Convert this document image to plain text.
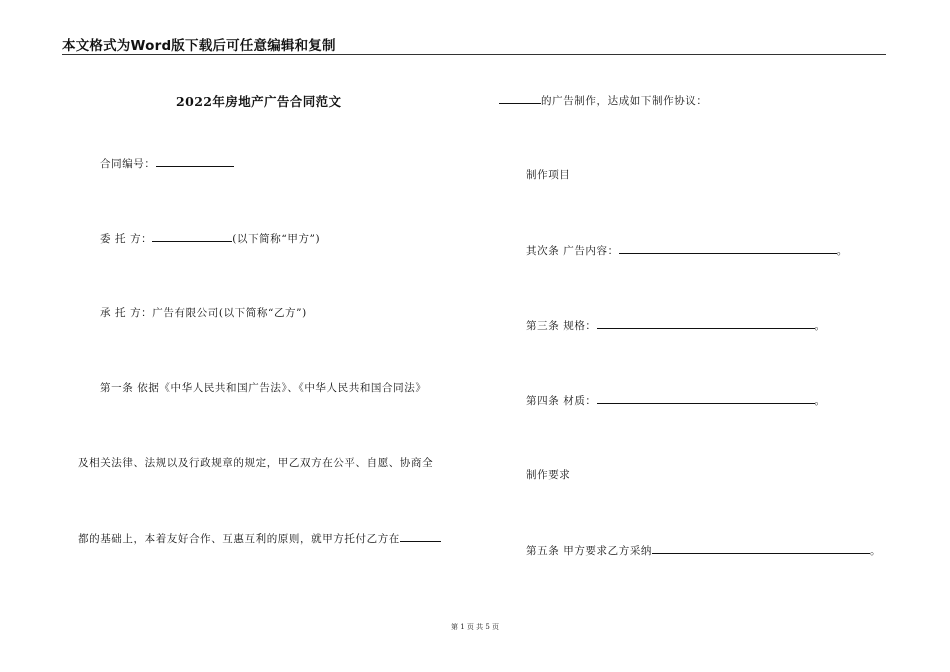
本文格式为Word版下载后可任意编辑和复制
2022年房地产广告合同范文
合同编号：
委 托 方：	(以下简称“甲方”)
承 托 方：广告有限公司(以下简称“乙方”)
第一条 依据《中华人民共和国广告法》、《中华人民共和国合同法》
及相关法律、法规以及行政规章的规定，甲乙双方在公平、自愿、协商全
都的基础上，本着友好合作、互惠互利的原则，就甲方托付乙方在
的广告制作，达成如下制作协议：
制作项目
其次条 广告内容：	。
第三条 规格：	。
第四条 材质：	。
制作要求
第五条 甲方要求乙方采纳	。
第 1 页 共 5 页
